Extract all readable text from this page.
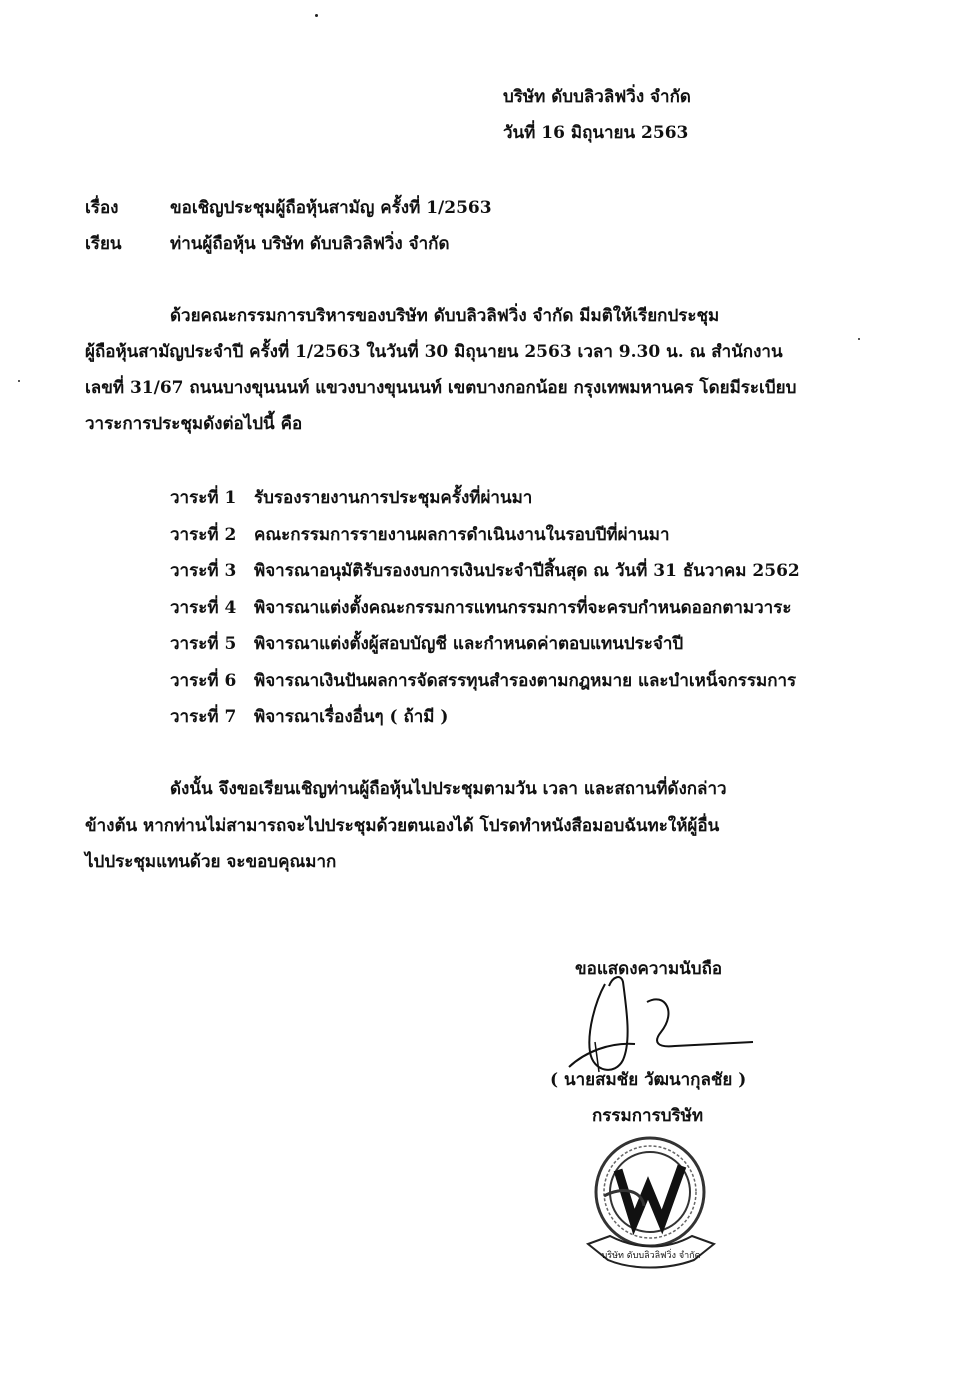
บริษัท ดับบลิวลิฟวิ่ง จำกัด
วันที่ 16 มิถุนายน 2563
เรื่อง	ขอเชิญประชุมผู้ถือหุ้นสามัญ ครั้งที่ 1/2563
เรียน	ท่านผู้ถือหุ้น บริษัท ดับบลิวลิฟวิ่ง จำกัด
ด้วยคณะกรรมการบริหารของบริษัท ดับบลิวลิฟวิ่ง จำกัด มีมติให้เรียกประชุม
ผู้ถือหุ้นสามัญประจำปี ครั้งที่ 1/2563 ในวันที่ 30 มิถุนายน 2563 เวลา 9.30 น. ณ สำนักงาน
เลขที่ 31/67 ถนนบางขุนนนท์ แขวงบางขุนนนท์ เขตบางกอกน้อย กรุงเทพมหานคร โดยมีระเบียบ
วาระการประชุมดังต่อไปนี้ คือ
วาระที่ 1 รับรองรายงานการประชุมครั้งที่ผ่านมา
วาระที่ 2 คณะกรรมการรายงานผลการดำเนินงานในรอบปีที่ผ่านมา
วาระที่ 3 พิจารณาอนุมัติรับรองงบการเงินประจำปีสิ้นสุด ณ วันที่ 31 ธันวาคม 2562
วาระที่ 4 พิจารณาแต่งตั้งคณะกรรมการแทนกรรมการที่จะครบกำหนดออกตามวาระ
วาระที่ 5 พิจารณาแต่งตั้งผู้สอบบัญชี และกำหนดค่าตอบแทนประจำปี
วาระที่ 6 พิจารณาเงินปันผลการจัดสรรทุนสำรองตามกฎหมาย และบำเหน็จกรรมการ
วาระที่ 7 พิจารณาเรื่องอื่นๆ ( ถ้ามี )
ดังนั้น จึงขอเรียนเชิญท่านผู้ถือหุ้นไปประชุมตามวัน เวลา และสถานที่ดังกล่าว
ข้างต้น หากท่านไม่สามารถจะไปประชุมด้วยตนเองได้ โปรดทำหนังสือมอบฉันทะให้ผู้อื่น
ไปประชุมแทนด้วย จะขอบคุณมาก
ขอแสดงความนับถือ
( นายสมชัย วัฒนากุลชัย )
กรรมการบริษัท
บริษัท ดับบลิวลิฟวิ่ง จำกัด
